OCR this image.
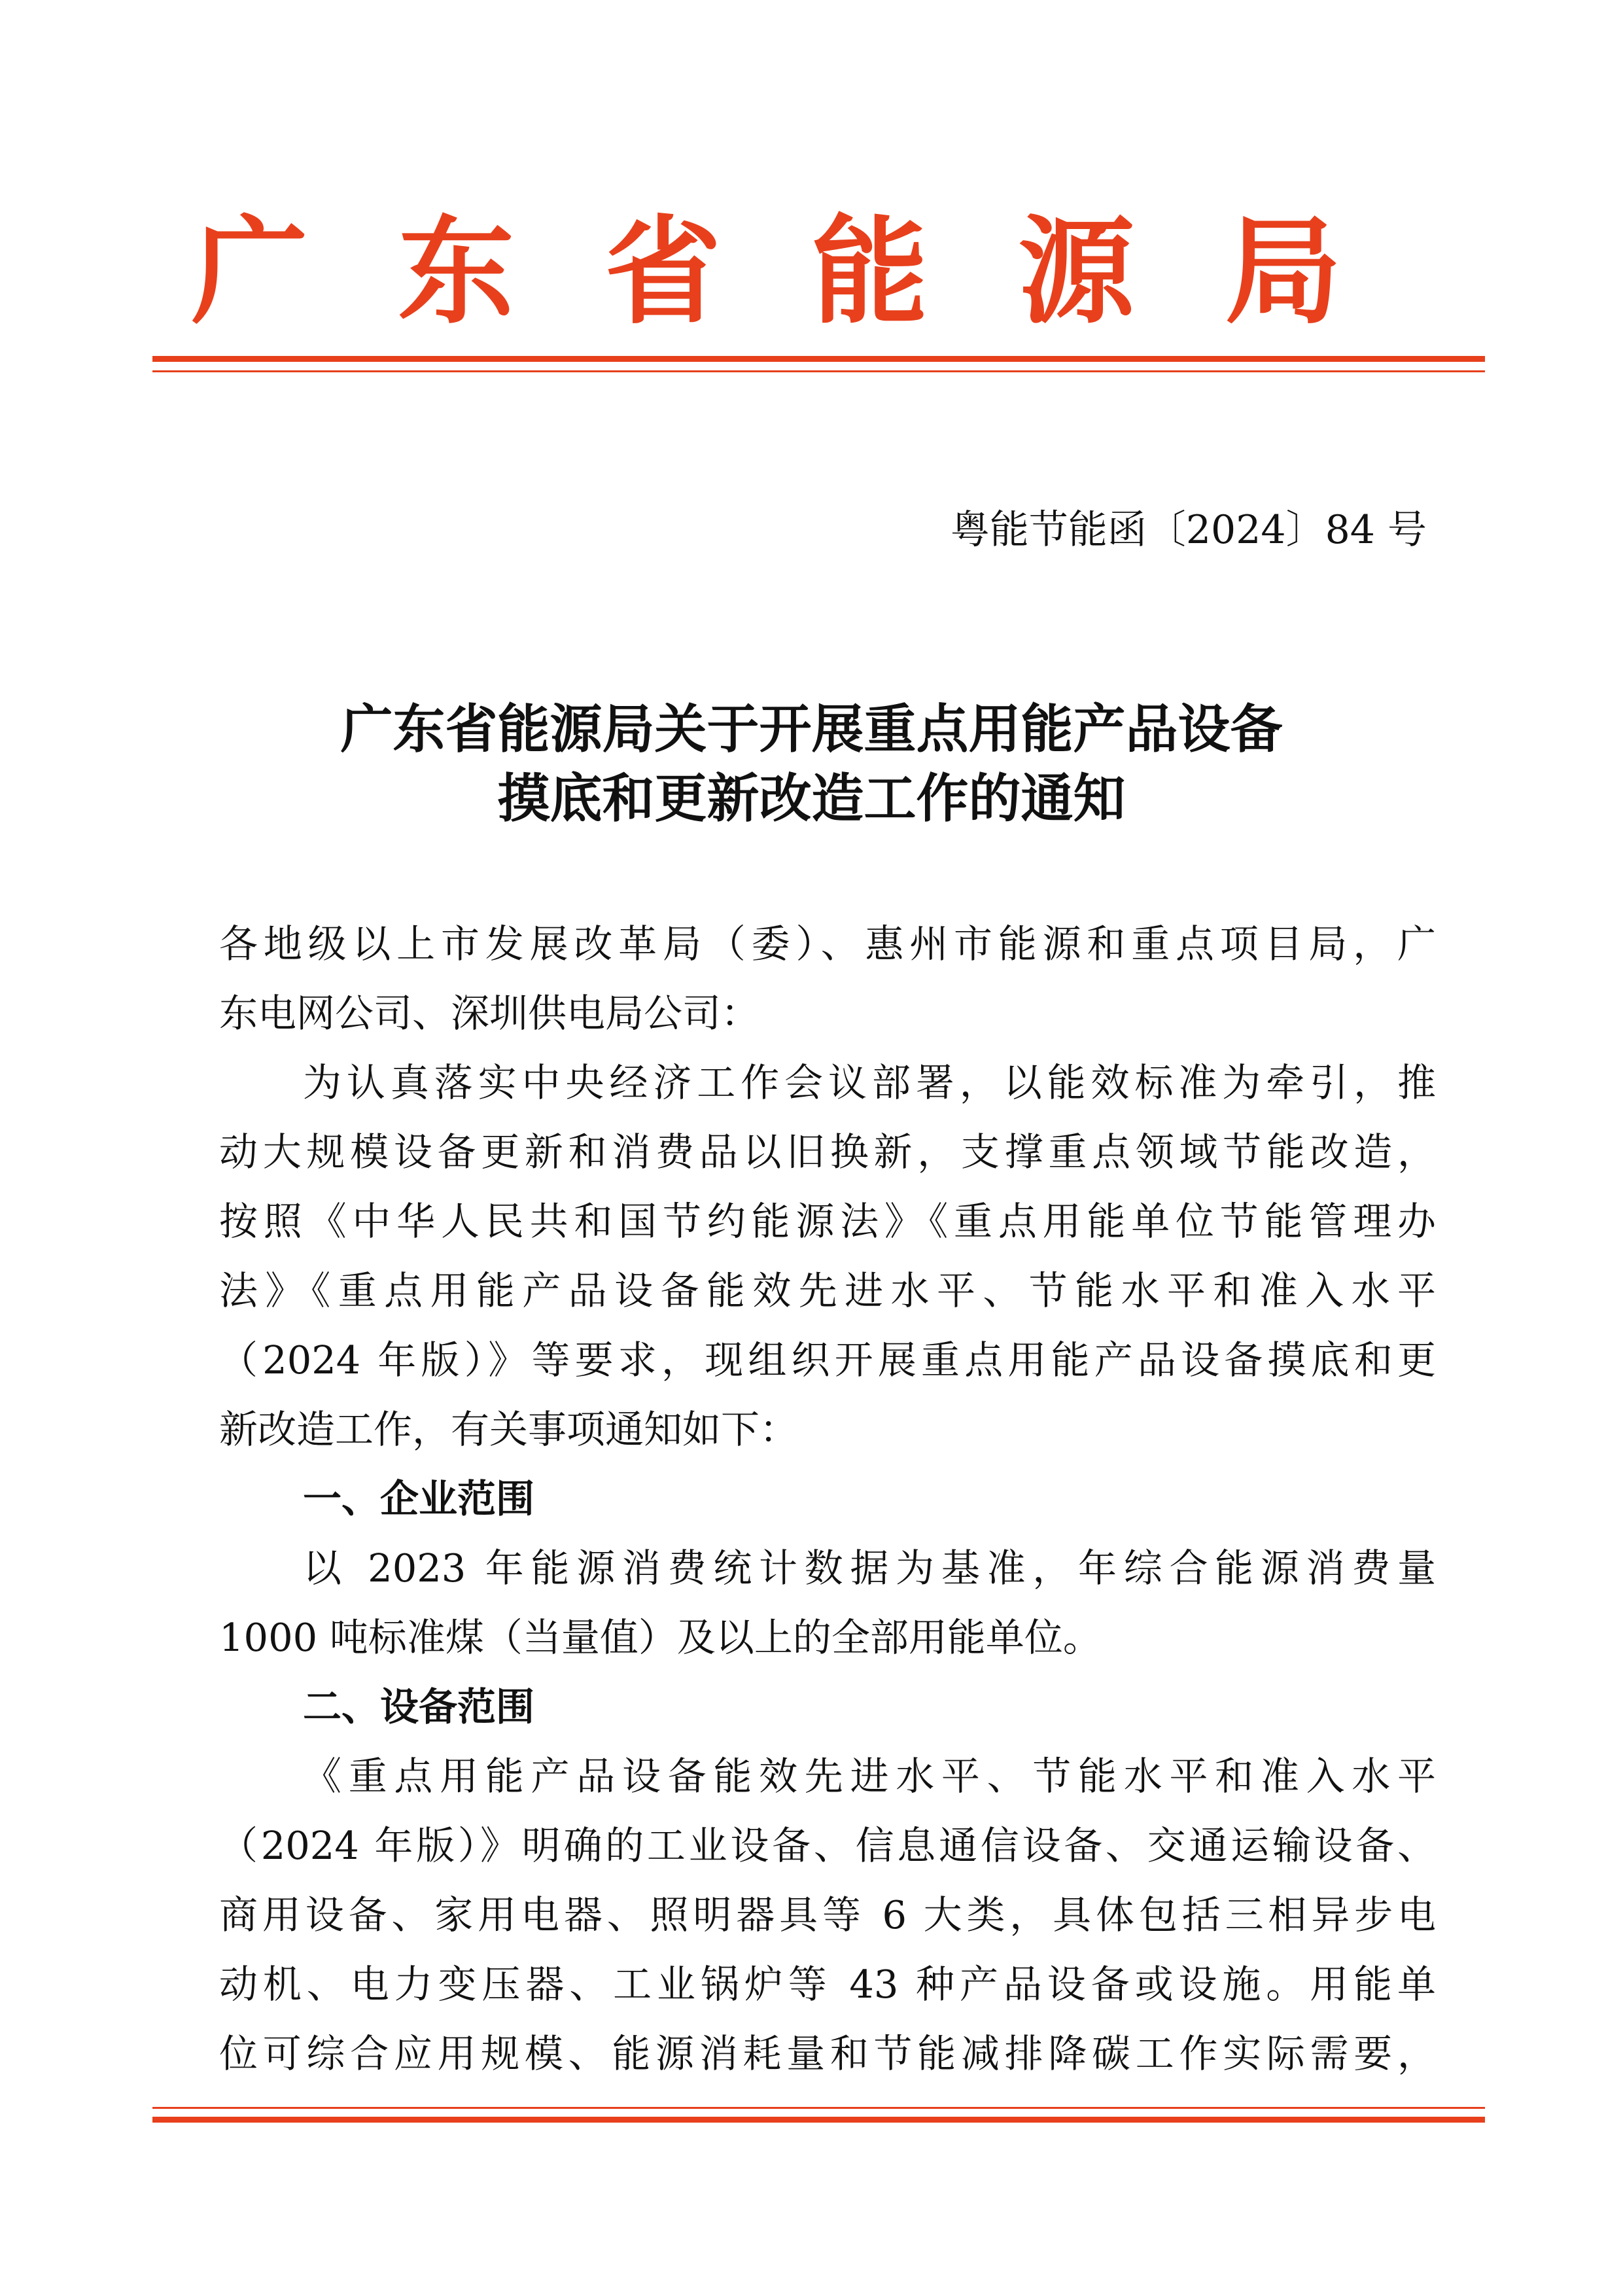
广东省能源局
粤能节能函〔2024〕84 号
广东省能源局关于开展重点用能产品设备
摸底和更新改造工作的通知
各地级以上市发展改革局（委）、惠州市能源和重点项目局，广
东电网公司、深圳供电局公司：
为认真落实中央经济工作会议部署，以能效标准为牵引，推
动大规模设备更新和消费品以旧换新，支撑重点领域节能改造，
按照《中华人民共和国节约能源法》《重点用能单位节能管理办
法》《重点用能产品设备能效先进水平、节能水平和准入水平
（2024 年版）》等要求，现组织开展重点用能产品设备摸底和更
新改造工作，有关事项通知如下：
一、企业范围
以 2023 年能源消费统计数据为基准，年综合能源消费量
1000 吨标准煤（当量值）及以上的全部用能单位。
二、设备范围
《重点用能产品设备能效先进水平、节能水平和准入水平
（2024 年版）》明确的工业设备、信息通信设备、交通运输设备、
商用设备、家用电器、照明器具等 6 大类，具体包括三相异步电
动机、电力变压器、工业锅炉等 43 种产品设备或设施。用能单
位可综合应用规模、能源消耗量和节能减排降碳工作实际需要，
